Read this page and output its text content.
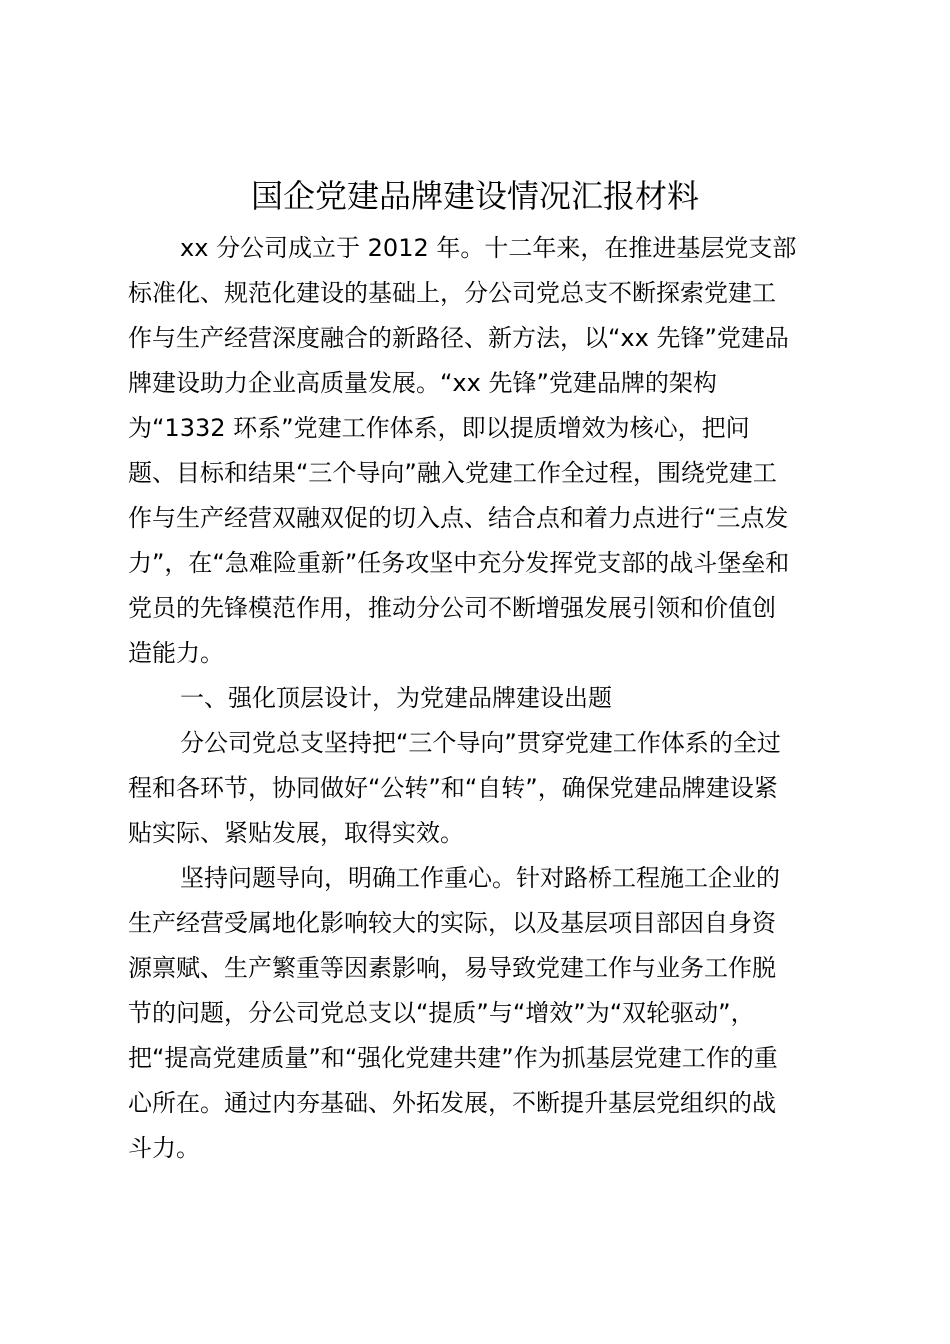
国企党建品牌建设情况汇报材料
xx 分公司成立于 2012 年。十二年来，在推进基层党支部
标准化、规范化建设的基础上，分公司党总支不断探索党建工
作与生产经营深度融合的新路径、新方法，以“xx 先锋”党建品
牌建设助力企业高质量发展。“xx 先锋”党建品牌的架构
为“1332 环系”党建工作体系，即以提质增效为核心，把问
题、目标和结果“三个导向”融入党建工作全过程，围绕党建工
作与生产经营双融双促的切入点、结合点和着力点进行“三点发
力”，在“急难险重新”任务攻坚中充分发挥党支部的战斗堡垒和
党员的先锋模范作用，推动分公司不断增强发展引领和价值创
造能力。
一、强化顶层设计，为党建品牌建设出题
分公司党总支坚持把“三个导向”贯穿党建工作体系的全过
程和各环节，协同做好“公转”和“自转”，确保党建品牌建设紧
贴实际、紧贴发展，取得实效。
坚持问题导向，明确工作重心。针对路桥工程施工企业的
生产经营受属地化影响较大的实际，以及基层项目部因自身资
源禀赋、生产繁重等因素影响，易导致党建工作与业务工作脱
节的问题，分公司党总支以“提质”与“增效”为“双轮驱动”，
把“提高党建质量”和“强化党建共建”作为抓基层党建工作的重
心所在。通过内夯基础、外拓发展，不断提升基层党组织的战
斗力。
